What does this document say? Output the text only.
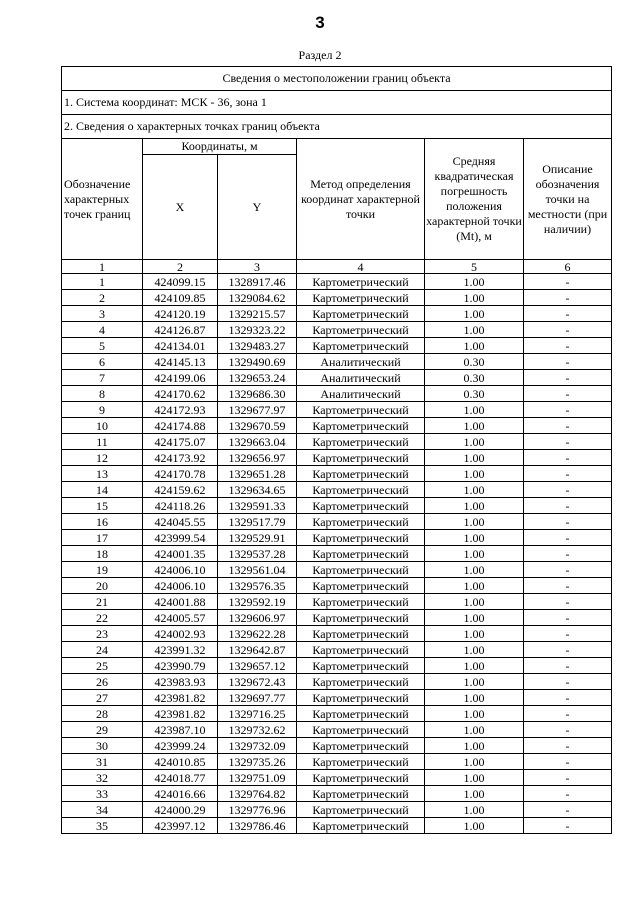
3
Раздел 2
Сведения о местоположении границ объекта					
1. Система координат: МСК - 36, зона 1					
2. Сведения о характерных точках границ объекта					
Обозначение характерных точек границ	Координаты, м		Метод определения координат характерной точки	Средняя квадратическая погрешность положения характерной точки (Mt), м	Описание обозначения точки на местности (при наличии)
	X	Y			
1	2	3	4	5	6
1	424099.15	1328917.46	Картометрический	1.00	-
2	424109.85	1329084.62	Картометрический	1.00	-
3	424120.19	1329215.57	Картометрический	1.00	-
4	424126.87	1329323.22	Картометрический	1.00	-
5	424134.01	1329483.27	Картометрический	1.00	-
6	424145.13	1329490.69	Аналитический	0.30	-
7	424199.06	1329653.24	Аналитический	0.30	-
8	424170.62	1329686.30	Аналитический	0.30	-
9	424172.93	1329677.97	Картометрический	1.00	-
10	424174.88	1329670.59	Картометрический	1.00	-
11	424175.07	1329663.04	Картометрический	1.00	-
12	424173.92	1329656.97	Картометрический	1.00	-
13	424170.78	1329651.28	Картометрический	1.00	-
14	424159.62	1329634.65	Картометрический	1.00	-
15	424118.26	1329591.33	Картометрический	1.00	-
16	424045.55	1329517.79	Картометрический	1.00	-
17	423999.54	1329529.91	Картометрический	1.00	-
18	424001.35	1329537.28	Картометрический	1.00	-
19	424006.10	1329561.04	Картометрический	1.00	-
20	424006.10	1329576.35	Картометрический	1.00	-
21	424001.88	1329592.19	Картометрический	1.00	-
22	424005.57	1329606.97	Картометрический	1.00	-
23	424002.93	1329622.28	Картометрический	1.00	-
24	423991.32	1329642.87	Картометрический	1.00	-
25	423990.79	1329657.12	Картометрический	1.00	-
26	423983.93	1329672.43	Картометрический	1.00	-
27	423981.82	1329697.77	Картометрический	1.00	-
28	423981.82	1329716.25	Картометрический	1.00	-
29	423987.10	1329732.62	Картометрический	1.00	-
30	423999.24	1329732.09	Картометрический	1.00	-
31	424010.85	1329735.26	Картометрический	1.00	-
32	424018.77	1329751.09	Картометрический	1.00	-
33	424016.66	1329764.82	Картометрический	1.00	-
34	424000.29	1329776.96	Картометрический	1.00	-
35	423997.12	1329786.46	Картометрический	1.00	-
